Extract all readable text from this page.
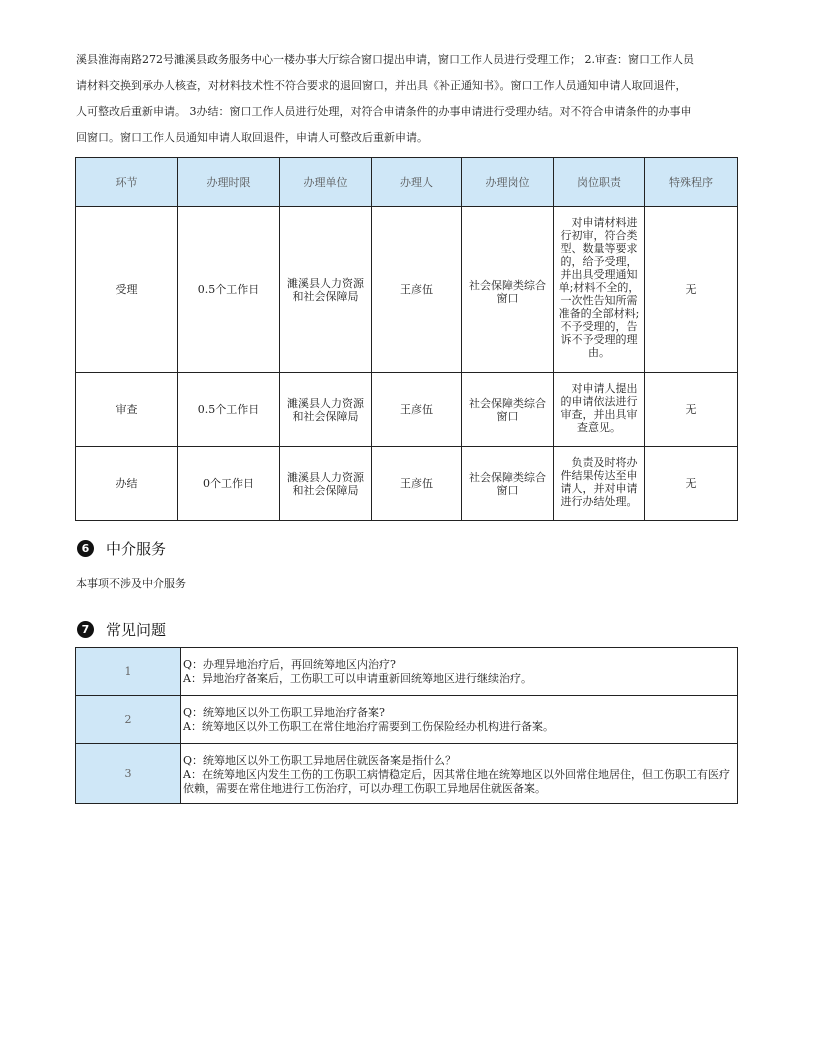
溪县淮海南路272号濉溪县政务服务中心一楼办事大厅综合窗口提出申请，窗口工作人员进行受理工作； 2.审查：窗口工作人员

请材料交换到承办人核查，对材料技术性不符合要求的退回窗口，并出具《补正通知书》。窗口工作人员通知申请人取回退件，

人可整改后重新申请。 3办结：窗口工作人员进行处理，对符合申请条件的办事申请进行受理办结。对不符合申请条件的办事申

回窗口。窗口工作人员通知申请人取回退件，申请人可整改后重新申请。

环节	办理时限	办理单位	办理人	办理岗位	岗位职责	特殊程序
受理	0.5个工作日	濉溪县人力资源和社会保障局	王彦伍	社会保障类综合窗口	对申请材料进行初审，符合类型、数量等要求的，给予受理，并出具受理通知单;材料不全的，一次性告知所需准备的全部材料;不予受理的，告诉不予受理的理由。	无
审查	0.5个工作日	濉溪县人力资源和社会保障局	王彦伍	社会保障类综合窗口	对申请人提出的申请依法进行审查，并出具审查意见。	无
办结	0个工作日	濉溪县人力资源和社会保障局	王彦伍	社会保障类综合窗口	负责及时将办件结果传达至申请人，并对申请进行办结处理。	无
6	中介服务
本事项不涉及中介服务
7	常见问题
1	Q：办理异地治疗后，再回统筹地区内治疗?
A：异地治疗备案后，工伤职工可以申请重新回统筹地区进行继续治疗。

2	Q：统筹地区以外工伤职工异地治疗备案?
A：统筹地区以外工伤职工在常住地治疗需要到工伤保险经办机构进行备案。

3	Q：统筹地区以外工伤职工异地居住就医备案是指什么？
A：在统筹地区内发生工伤的工伤职工病情稳定后，因其常住地在统筹地区以外回常住地居住，但工伤职工有医疗依赖，需要在常住地进行工伤治疗，可以办理工伤职工异地居住就医备案。
